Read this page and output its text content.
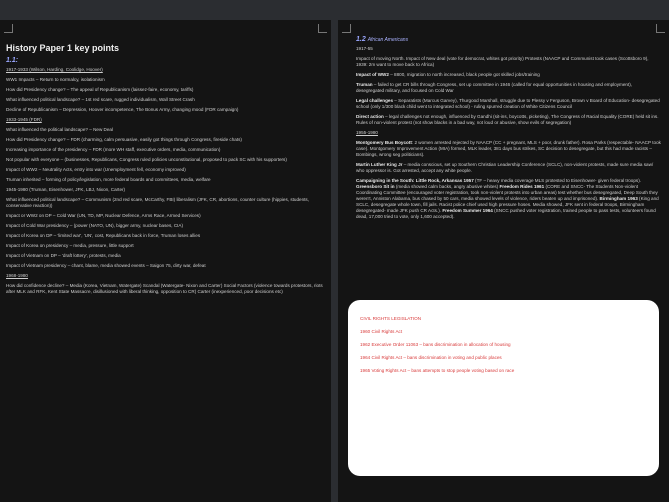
History Paper 1 key points
1.1:
1917-1933 (Wilson, Harding, Coolidge, Hoover)
WW1 Impacts – Return to normalcy, isolationism
How did Presidency change? – The appeal of Republicanism (laissez-faire, economy, tariffs)
What influenced political landscape? – 1st red scare, rugged individualism, Wall Street Crash
Decline of Republicanism – Depression, Hoover incompetence, The Bonus Army, changing mood (FDR campaign)
1933-1945 (FDR)
What influenced the political landscape? – New Deal
How did Presidency change? – FDR (charming, calm persuasive, easily got things through Congress, fireside chats)
Increasing importance of the presidency – FDR (more WH staff, executive orders, media, communication)
Not popular with everyone – (businesses, Republicans, Congress ruled policies unconstitutional, proposed to pack SC with his supporters)
Impact of WW2 – Neutrality Acts, entry into war (Unemployment fell, economy improved)
Truman inherited – forming of policy/legislation, more federal boards and committees, media, welfare
1945-1980 (Truman, Eisenhower, JFK, LBJ, Nixon, Carter)
What influenced political landscape? – Communism (2nd red scare, McCarthy, FBI) liberalism (JFK, CR, abortions, counter culture (hippies, students, conservative reaction))
Impact or WW2 on DP – Cold War (UN, TD, MP, Nuclear Defence, Arms Race, Armed Services)
Impact of Cold War presidency – (power (NATO, UN), bigger army, nuclear bases, CIA)
Impact of Korea on DP – 'limited war', 'UN', cost, Republicans back in force, Truman loses allies
Impact of Korea on presidency – media, pressure, little support
Impact of Vietnam on DP – 'draft lottery', protests, media
Impact of Vietnam presidency – chant, blame, media showed events – Saigon 75, dirty war, defeat
1968-1980
How did confidence decline? – Media (Korea, Vietnam, Watergate) Scandal (Watergate- Nixon and Carter) Social Factors (violence towards protestors, riots after MLK and RFK, Kent State Massacre, disillusioned with liberal thinking, opposition to CR) Carter (inexperienced, poor decisions etc)
1.2 African Americans
1917-55
Impact of moving North. Impact of New deal (vote for democrat, whites got priority) Protests (NAACP and Communist took cases (Scottsboro 9), 1939: 2m want to move back to Africa)
Impact of WW2 – 8800, migration to north increased, black people got skilled jobs/training
Truman – failed to get CR bills through Congress, set up committee in 1946 (called for equal opportunities in housing and employment), desegregated military, and focused on Cold War
Legal challenges – Separatists (Marcus Garvey), Thurgood Marshall, struggle due to Plessy v Ferguson, Brown v Board of Education- desegregated school (only 1/300 black child went to integrated school) - ruling spurred creation of White Citizens Council
Direct action – legal challenges not enough, influenced by Gandhi (sit-ins, boycotts, picketing), The Congress of Racial Equality (CORE) held sit ins. Rules of non-violent protest (not show blacks in a bad way, not loud or abusive, show evils of segregation)
1955-1980
Montgomery Bus Boycott: 2 women arrested rejected by NAACP (CC + pregnant, MLS + poor, drunk father). Rosa Parks (respectable- NAACP took case). Montgomery Improvement Action (MIA) formed, MLK leader, 381 days bus strikes, SC decision to desegregate, but this had made racists – Bombings, wrong seg politicians).
Martin Luther King Jr – media conscious, set up Southern Christian Leadership Conference (SCLC), non-violent protests, made sure media saw/ who oppressor is. Got arrested, accept any white people.
Campaigning in the South: Little Rock, Arkansas 1957 (TF – heavy media coverage MLS protested to Eisenhower- given federal troops). Greensboro Sit in (media showed calm backs, angry abusive whites) Freedom Rides 1961 (CORE and SNCC- The Students Non-violent Coordinating Committee (encouraged voter registration, took non-violent protests into urban areas) test whether bus desegregated, Deep South they weren't, Anniston Alabama, bus chased by 50 cars, media showed levels of violence, riders beaten up and imprisoned). Birmingham 1963 (King and SCLC, desegregate whole town, fill jails. Racist police chief used high pressure hoses. Media showed, JFK sent in federal troops, Birmingham desegregated- made JFK push CR Acts.). Freedom Summer 1964 (SNCC pushed voter registration, trained people to pass tests, volunteers found dead, 17,000 tried to vote, only 1,600 accepted).
CIVIL RIGHTS LEGISLATION
1960 Civil Rights Act
1962 Executive Order 11063 – bans discrimination in allocation of housing
1964 Civil Rights Act – bans discrimination in voting and public places
1965 Voting Rights Act – bans attempts to stop people voting based on race
